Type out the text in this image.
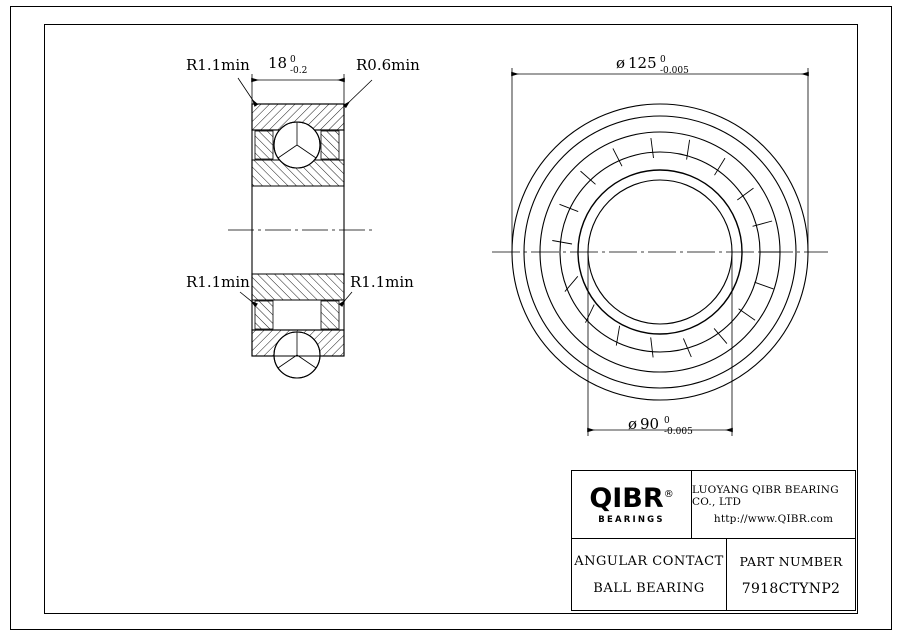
R1.1min 18 0
-0.2	R0.6min
R1.1min	R1.1min
ø 125 0
-0.005
ø 90 0
-0.005
QIBR®
BEARINGS
LUOYANG QIBR BEARING CO., LTD
http://www.QIBR.com
ANGULAR CONTACT
BALL BEARING
PART NUMBER
7918CTYNP2
